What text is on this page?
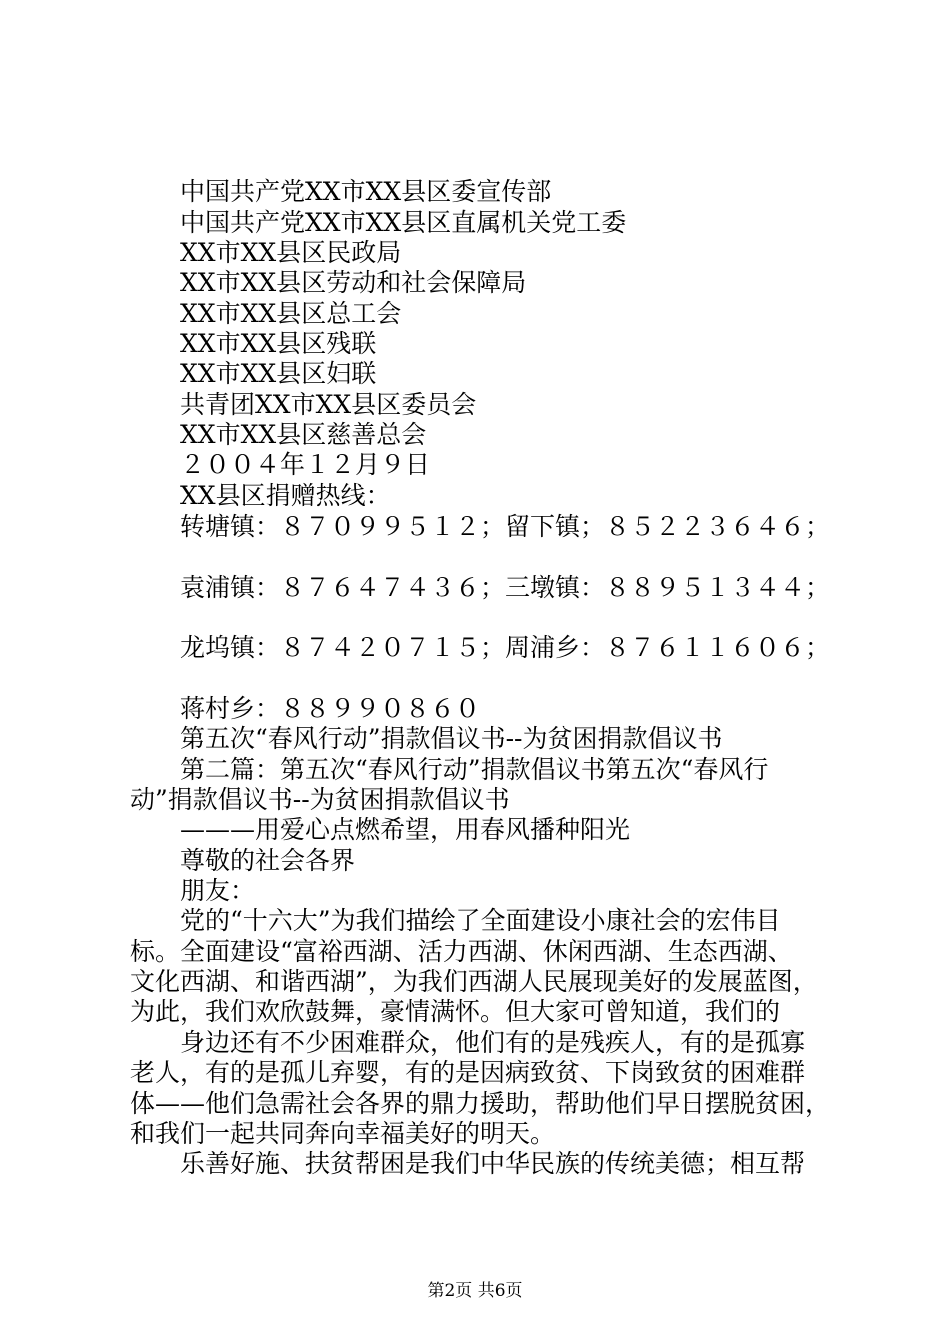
中国共产党XX市XX县区委宣传部
中国共产党XX市XX县区直属机关党工委
XX市XX县区民政局
XX市XX县区劳动和社会保障局
XX市XX县区总工会
XX市XX县区残联
XX市XX县区妇联
共青团XX市XX县区委员会
XX市XX县区慈善总会
２００４年１２月９日
XX县区捐赠热线：
转塘镇：８７０９９５１２；留下镇；８５２２３６４６；
袁浦镇：８７６４７４３６；三墩镇：８８９５１３４４；
龙坞镇：８７４２０７１５；周浦乡：８７６１１６０６；
蒋村乡：８８９９０８６０
第五次“春风行动”捐款倡议书--为贫困捐款倡议书
第二篇：第五次“春风行动”捐款倡议书第五次“春风行
动”捐款倡议书--为贫困捐款倡议书
———用爱心点燃希望，用春风播种阳光
尊敬的社会各界
朋友：
党的“十六大”为我们描绘了全面建设小康社会的宏伟目
标。全面建设“富裕西湖、活力西湖、休闲西湖、生态西湖、
文化西湖、和谐西湖”，为我们西湖人民展现美好的发展蓝图，
为此，我们欢欣鼓舞，豪情满怀。但大家可曾知道，我们的
身边还有不少困难群众，他们有的是残疾人，有的是孤寡
老人，有的是孤儿弃婴，有的是因病致贫、下岗致贫的困难群
体——他们急需社会各界的鼎力援助，帮助他们早日摆脱贫困，
和我们一起共同奔向幸福美好的明天。
乐善好施、扶贫帮困是我们中华民族的传统美德；相互帮
第2页 共6页
